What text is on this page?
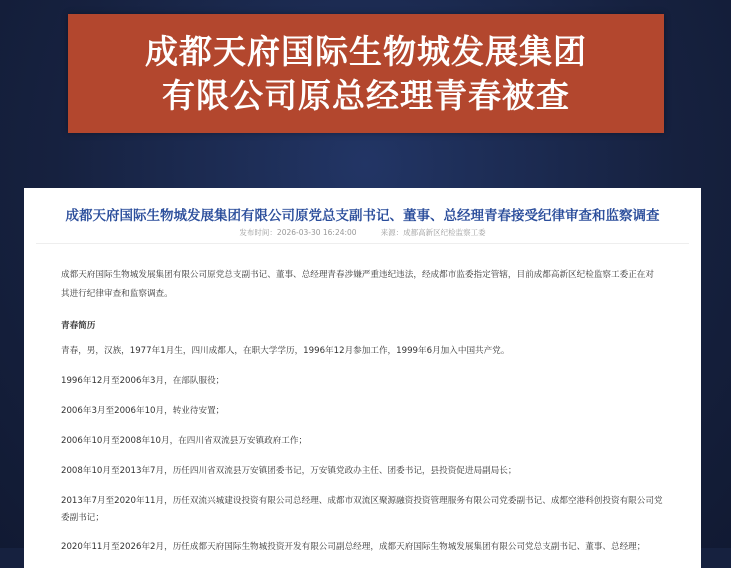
成都天府国际生物城发展集团
有限公司原总经理青春被查
成都天府国际生物城发展集团有限公司原党总支副书记、董事、总经理青春接受纪律审查和监察调查
发布时间：2026-03-30 16:24:00	来源：成都高新区纪检监察工委
成都天府国际生物城发展集团有限公司原党总支副书记、董事、总经理青春涉嫌严重违纪违法，经成都市监委指定管辖，目前成都高新区纪检监察工委正在对
其进行纪律审查和监察调查。
青春简历
青春，男，汉族，1977年1月生，四川成都人，在职大学学历，1996年12月参加工作，1999年6月加入中国共产党。
1996年12月至2006年3月，在部队服役；
2006年3月至2006年10月，转业待安置；
2006年10月至2008年10月，在四川省双流县万安镇政府工作；
2008年10月至2013年7月，历任四川省双流县万安镇团委书记，万安镇党政办主任、团委书记，县投资促进局副局长；
2013年7月至2020年11月，历任双流兴城建设投资有限公司总经理、成都市双流区聚源融资投资管理服务有限公司党委副书记、成都空港科创投资有限公司党
委副书记；
2020年11月至2026年2月，历任成都天府国际生物城投资开发有限公司副总经理，成都天府国际生物城发展集团有限公司党总支副书记、董事、总经理；
